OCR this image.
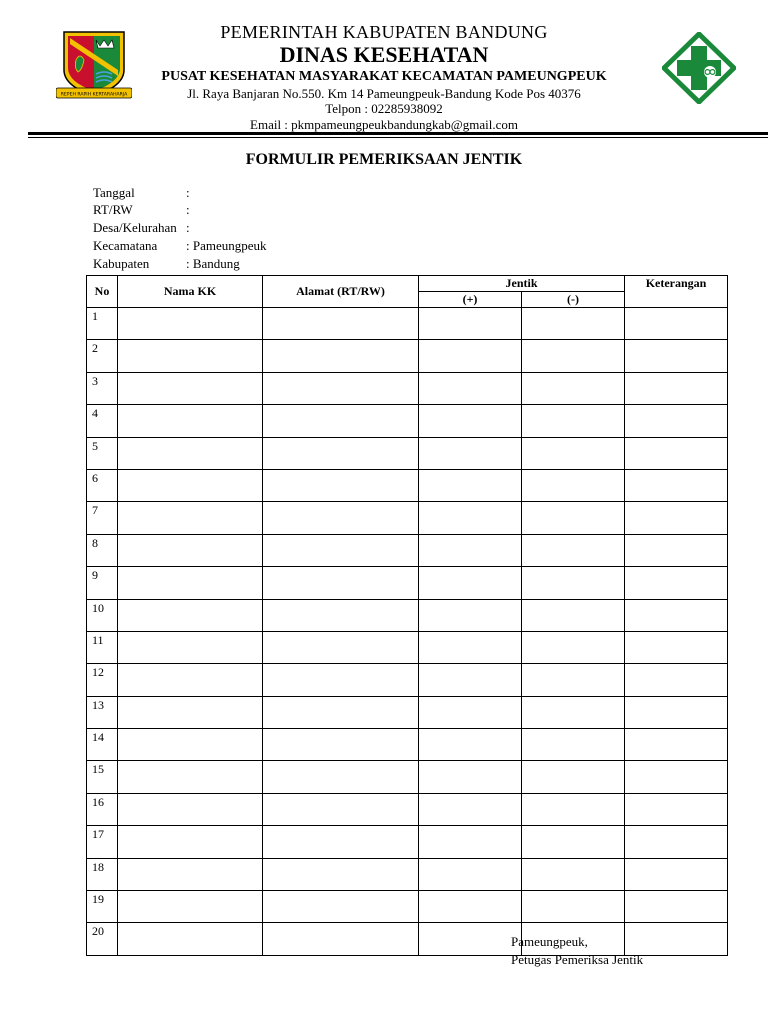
REPEH RAPIH KERTARAHARJA
PEMERINTAH KABUPATEN BANDUNG
DINAS KESEHATAN
PUSAT KESEHATAN MASYARAKAT KECAMATAN PAMEUNGPEUK
Jl. Raya Banjaran No.550. Km 14 Pameungpeuk-Bandung Kode Pos 40376
Telpon : 02285938092
Email : pkmpameungpeukbandungkab@gmail.com
FORMULIR PEMERIKSAAN JENTIK
Tanggal	:
RT/RW	:
Desa/Kelurahan :
Kecamatana : Pameungpeuk
Kabupaten	: Bandung
No	Nama KK	Alamat (RT/RW)	Jentik		Keterangan
			(+)	(-)	
1					
2					
3					
4					
5					
6					
7					
8					
9					
10					
11					
12					
13					
14					
15					
16					
17					
18					
19					
20					
Pameungpeuk,
Petugas Pemeriksa Jentik
